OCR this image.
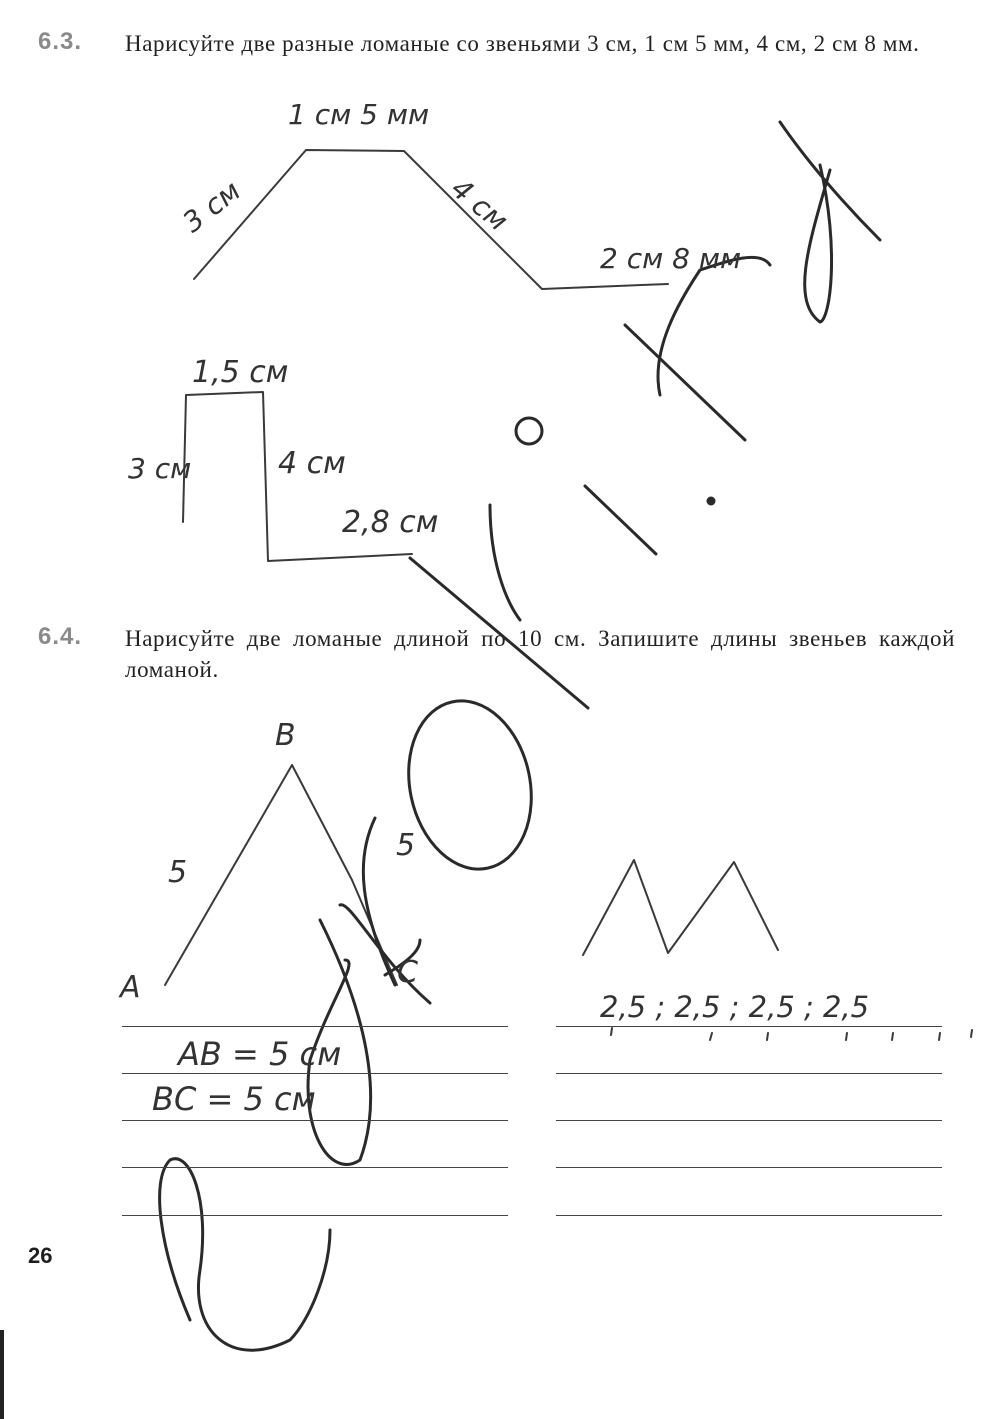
6.3. Нарисуйте две разные ломаные со звеньями 3 см, 1 см 5 мм, 4 см, 2 см 8 мм.
6.4. Нарисуйте две ломаные длиной по 10 см. Запишите длины звеньев каждой ломаной.
3 см
1 см 5 мм
4 см
2 см 8 мм
1,5 см
3 см	4 см
2,8 см
B
A	C
5
5
AB = 5 см
BC = 5 см
2,5 ; 2,5 ; 2,5 ; 2,5
26
